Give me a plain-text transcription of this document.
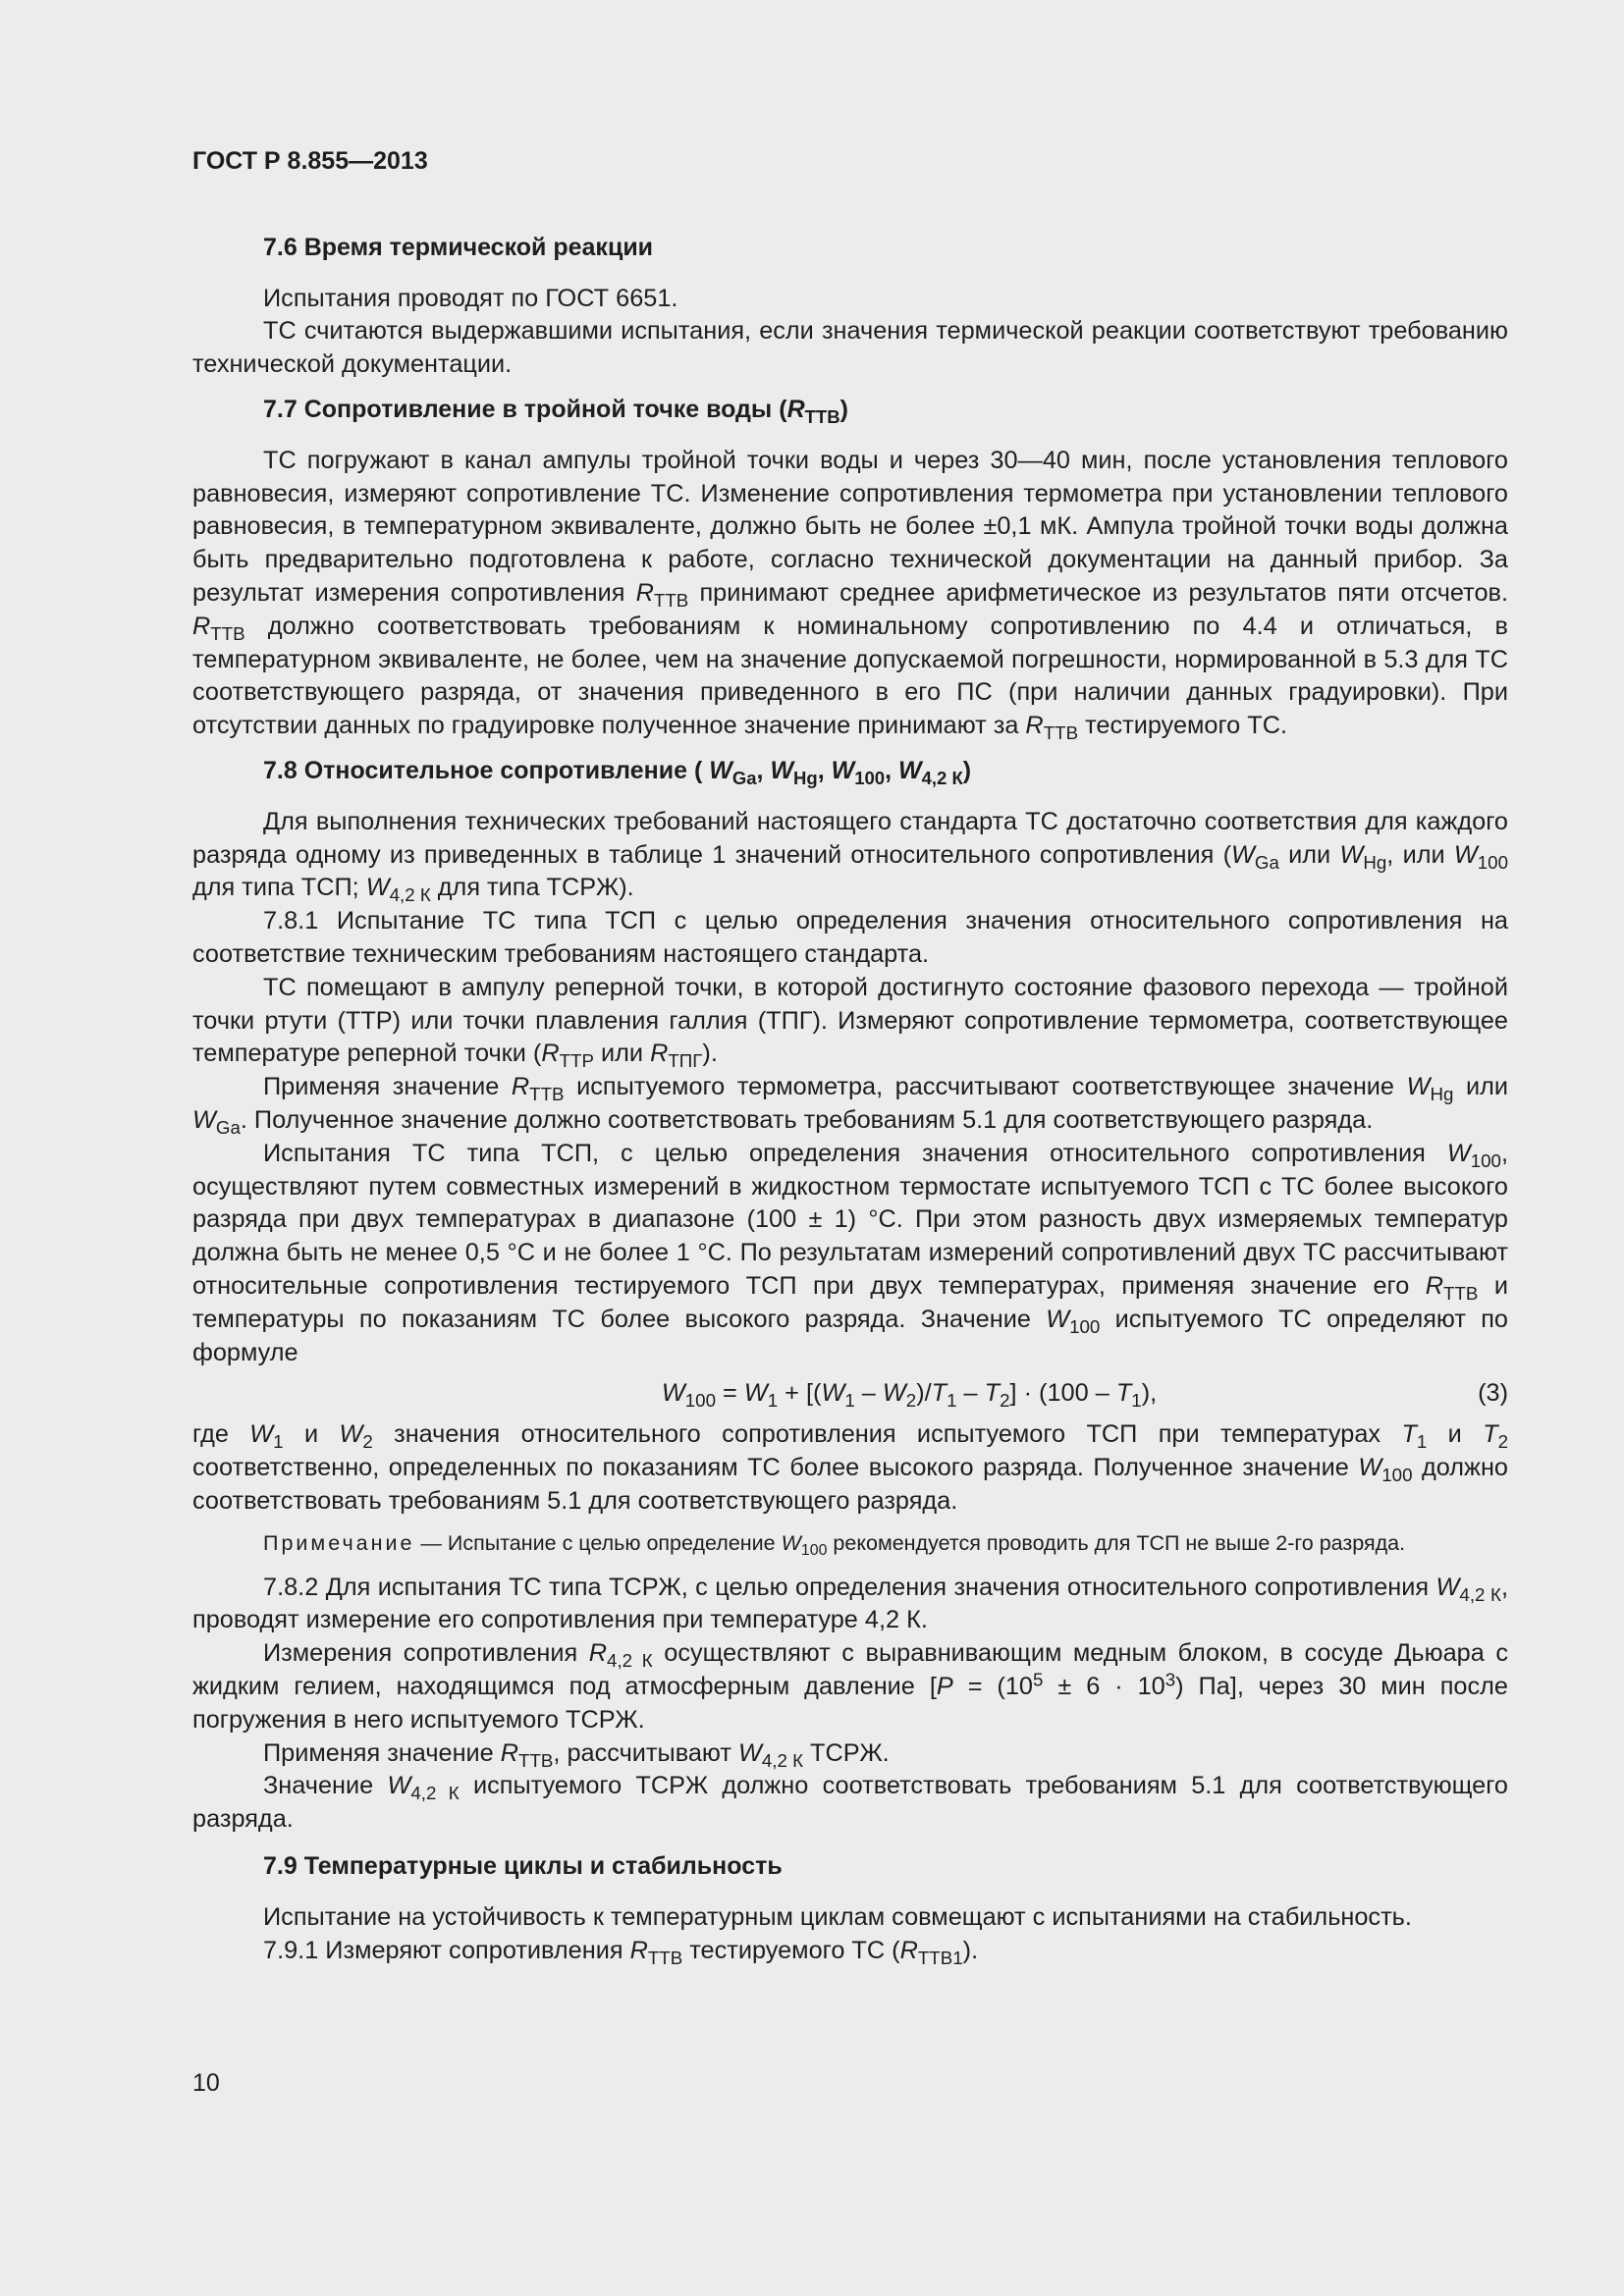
ГОСТ Р 8.855—2013
7.6 Время термической реакции

Испытания проводят по ГОСТ 6651.

ТС считаются выдержавшими испытания, если значения термической реакции соответствуют требованию технической документации.

7.7 Сопротивление в тройной точке воды $(R_{ТТВ})$

ТС погружают в канал ампулы тройной точки воды и через 30—40 мин, после установления теплового равновесия, измеряют сопротивление ТС. Изменение сопротивления термометра при установлении теплового равновесия, в температурном эквиваленте, должно быть не более ±0,1 мК. Ампула тройной точки воды должна быть предварительно подготовлена к работе, согласно технической документации на данный прибор. За результат измерения сопротивления $R_{ТТВ}$ принимают среднее арифметическое из результатов пяти отсчетов. $R_{ТТВ}$ должно соответствовать требованиям к номинальному сопротивлению по 4.4 и отличаться, в температурном эквиваленте, не более, чем на значение допускаемой погрешности, нормированной в 5.3 для ТС соответствующего разряда, от значения приведенного в его ПС (при наличии данных градуировки). При отсутствии данных по градуировке полученное значение принимают за $R_{ТТВ}$ тестируемого ТС.

7.8 Относительное сопротивление ( $W_{Ga}$, $W_{Hg}$, $W_{100}$, $W_{4,2 К}$)

Для выполнения технических требований настоящего стандарта ТС достаточно соответствия для каждого разряда одному из приведенных в таблице 1 значений относительного сопротивления ($W_{Ga}$ или $W_{Hg}$, или $W_{100}$ для типа ТСП; $W_{4,2 К}$ для типа ТСРЖ).

7.8.1 Испытание ТС типа ТСП с целью определения значения относительного сопротивления на соответствие техническим требованиям настоящего стандарта.

ТС помещают в ампулу реперной точки, в которой достигнуто состояние фазового перехода — тройной точки ртути (ТТР) или точки плавления галлия (ТПГ). Измеряют сопротивление термометра, соответствующее температуре реперной точки ($R_{ТТР}$ или $R_{ТПГ}$).

Применяя значение $R_{ТТВ}$ испытуемого термометра, рассчитывают соответствующее значение $W_{Hg}$ или $W_{Ga}$. Полученное значение должно соответствовать требованиям 5.1 для соответствующего разряда.

Испытания ТС типа ТСП, с целью определения значения относительного сопротивления $W_{100}$, осуществляют путем совместных измерений в жидкостном термостате испытуемого ТСП с ТС более высокого разряда при двух температурах в диапазоне (100 ± 1) °С. При этом разность двух измеряемых температур должна быть не менее 0,5 °С и не более 1 °С. По результатам измерений сопротивлений двух ТС рассчитывают относительные сопротивления тестируемого ТСП при двух температурах, применяя значение его $R_{ТТВ}$ и температуры по показаниям ТС более высокого разряда. Значение $W_{100}$ испытуемого ТС определяют по формуле

$W_{100} = W_1 + [(W_1 - W_2)/T_1 - T_2] \cdot (100 - T_1)$,	(3)

где $W_1$ и $W_2$ значения относительного сопротивления испытуемого ТСП при температурах $T_1$ и $T_2$ соответственно, определенных по показаниям ТС более высокого разряда. Полученное значение $W_{100}$ должно соответствовать требованиям 5.1 для соответствующего разряда.

Примечание — Испытание с целью определение $W_{100}$ рекомендуется проводить для ТСП не выше 2-го разряда.

7.8.2 Для испытания ТС типа ТСРЖ, с целью определения значения относительного сопротивления $W_{4,2 К}$, проводят измерение его сопротивления при температуре 4,2 К.

Измерения сопротивления $R_{4,2 К}$ осуществляют с выравнивающим медным блоком, в сосуде Дьюара с жидким гелием, находящимся под атмосферным давление [$P = (10^5 \pm 6 \cdot 10^3)$ Па], через 30 мин после погружения в него испытуемого ТСРЖ.

Применяя значение $R_{ТТВ}$, рассчитывают $W_{4,2 К}$ ТСРЖ.

Значение $W_{4,2 К}$ испытуемого ТСРЖ должно соответствовать требованиям 5.1 для соответствующего разряда.

7.9 Температурные циклы и стабильность

Испытание на устойчивость к температурным циклам совмещают с испытаниями на стабильность.

7.9.1 Измеряют сопротивления $R_{ТТВ}$ тестируемого ТС $(R_{ТТВ1})$.

10
